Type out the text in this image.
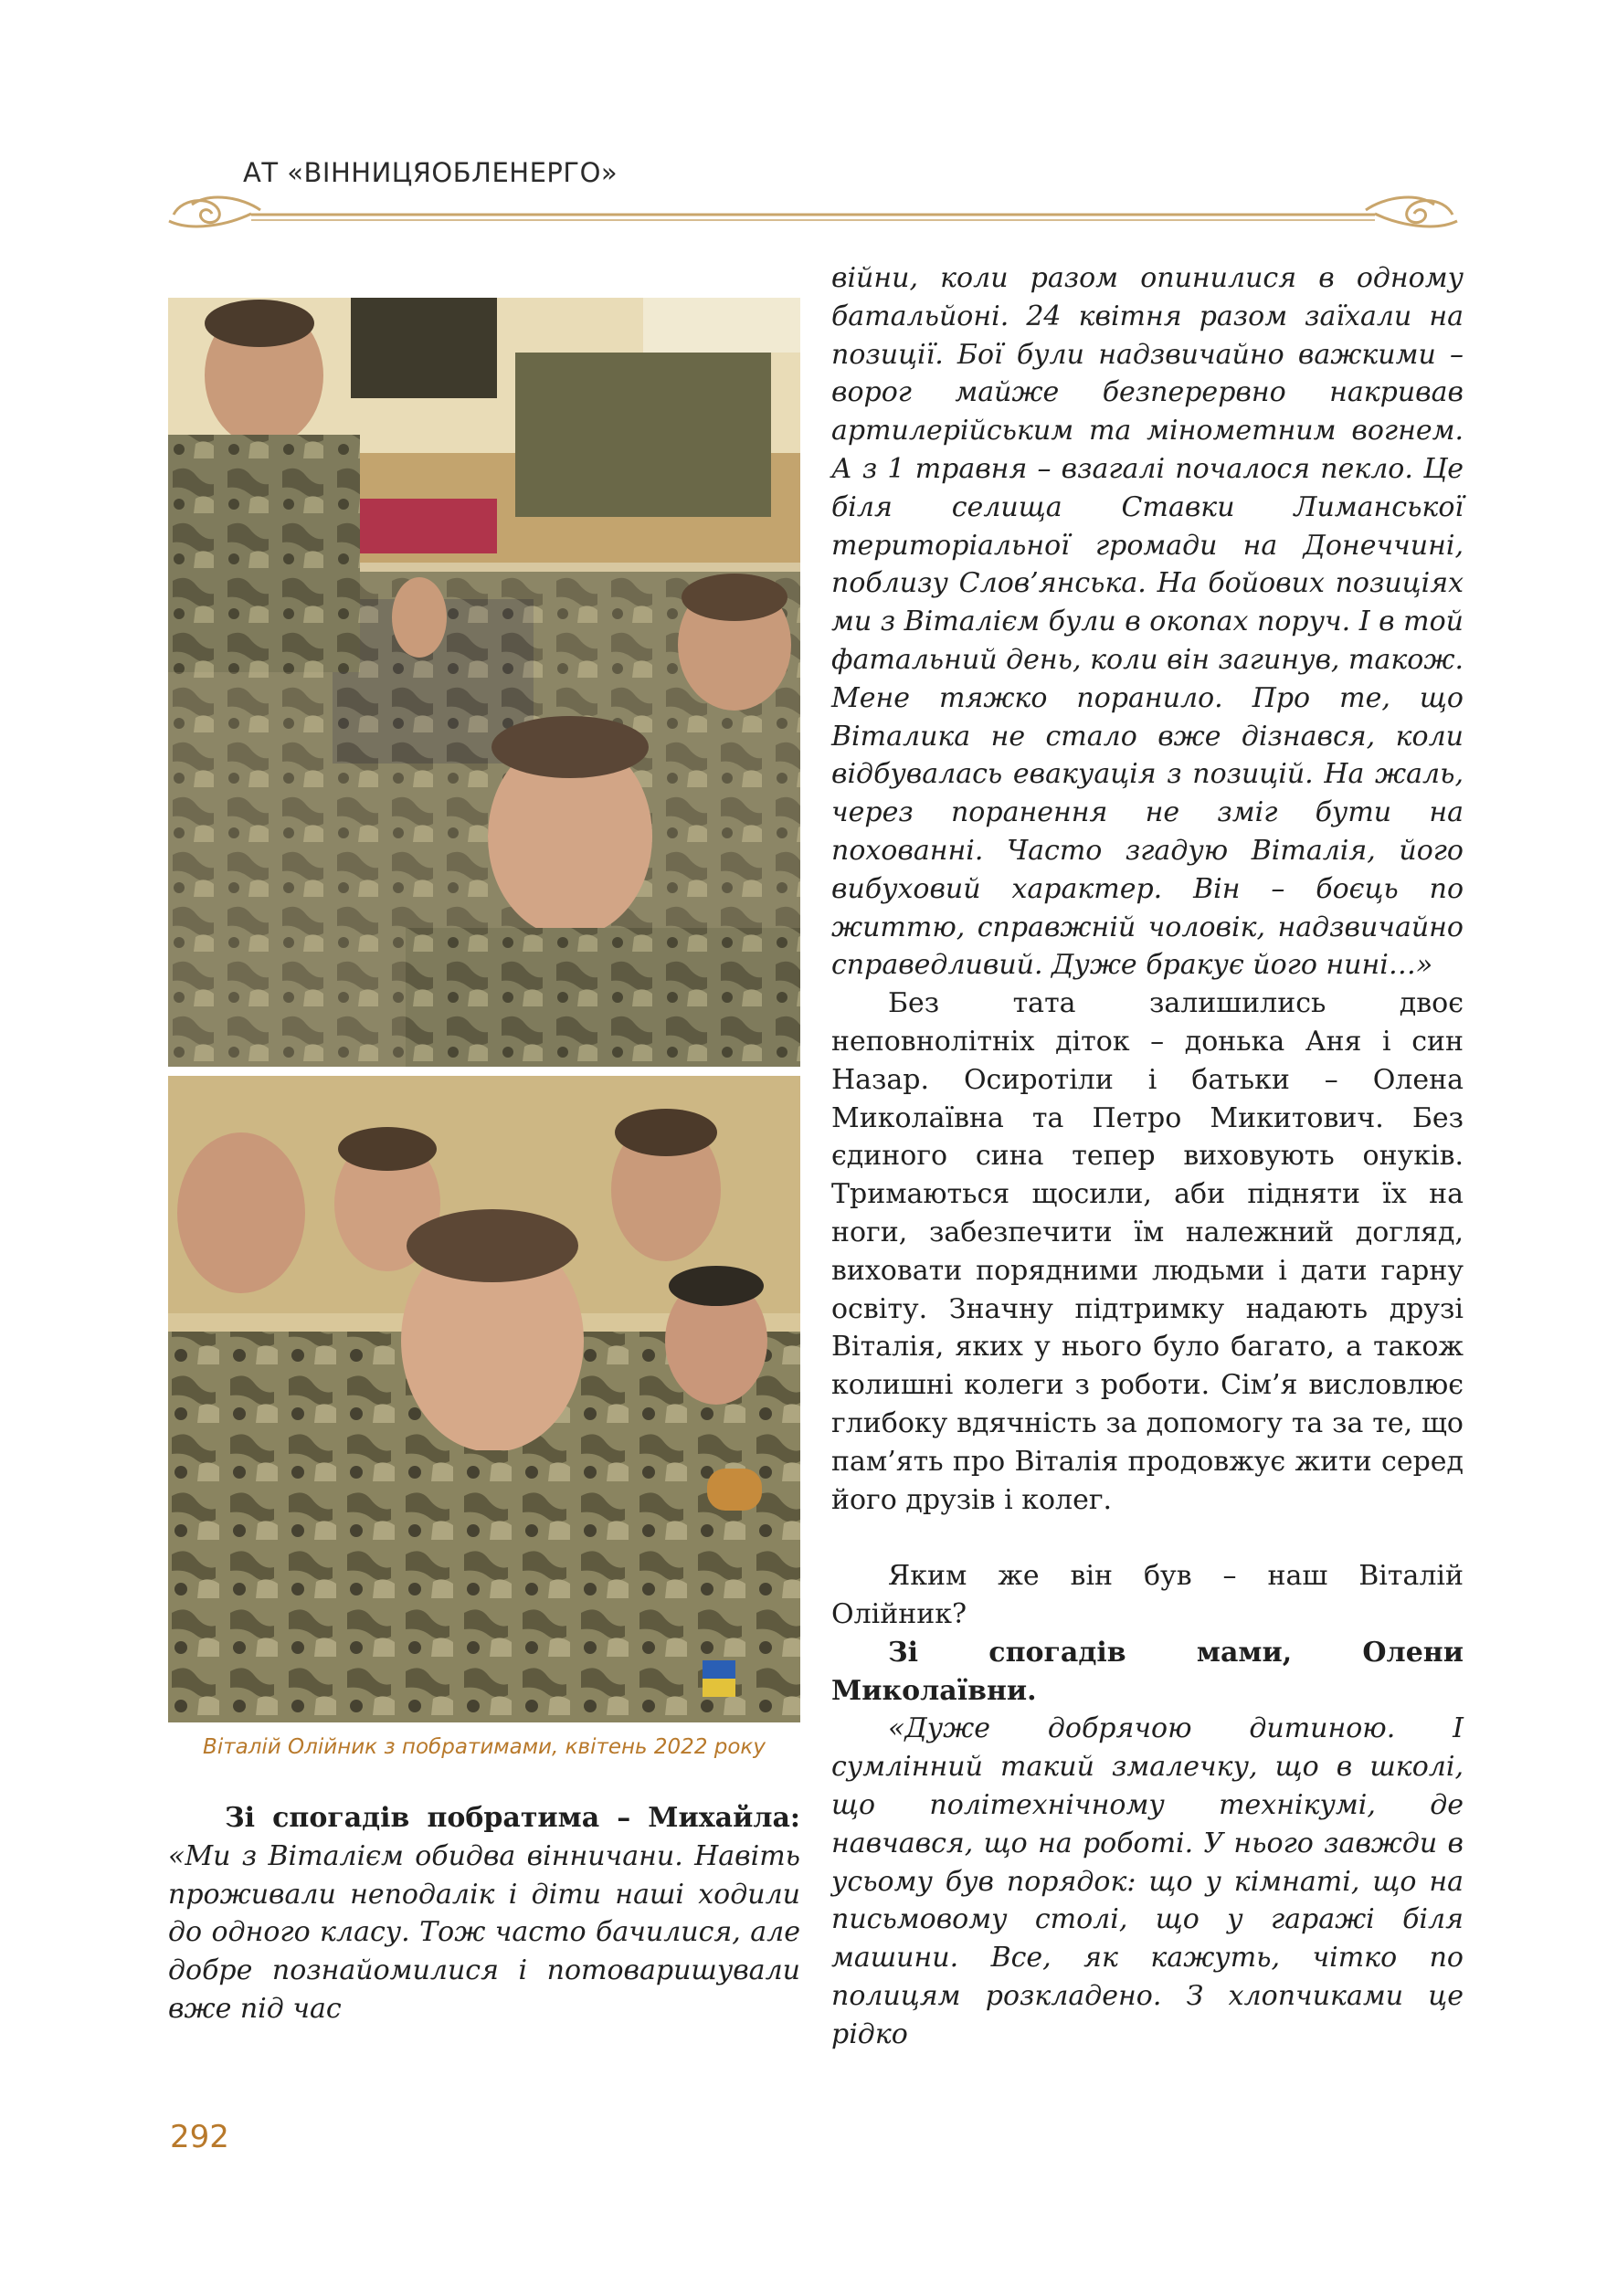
АТ «ВІННИЦЯОБЛЕНЕРГО»
Віталій Олійник з побратимами, квітень 2022 року

Зі спогадів побратима – Михайла: «Ми з Віталієм обидва вінничани. Навіть проживали неподалік і діти наші ходили до одного класу. Тож часто бачилися, але добре познайомилися і потоваришували вже під час

війни, коли разом опинилися в одному батальйоні. 24 квітня разом заїхали на позиції. Бої були надзвичайно важкими – ворог майже безперервно накривав артилерійським та мінометним вогнем. А з 1 травня – взагалі почалося пекло. Це біля селища Ставки Лиманської територіальної громади на Донеччині, поблизу Слов’янська. На бойових позиціях ми з Віталієм були в окопах поруч. І в той фатальний день, коли він загинув, також. Мене тяжко поранило. Про те, що Віталика не стало вже дізнався, коли відбувалась евакуація з позицій. На жаль, через поранення не зміг бути на похованні. Часто згадую Віталія, його вибуховий характер. Він – боєць по життю, справжній чоловік, надзвичайно справедливий. Дуже бракує його нині…»

Без тата залишились двоє неповнолітніх діток – донька Аня і син Назар. Осиротіли і батьки – Олена Миколаївна та Петро Микитович. Без єдиного сина тепер виховують онуків. Тримаються щосили, аби підняти їх на ноги, забезпечити їм належний догляд, виховати порядними людьми і дати гарну освіту. Значну підтримку надають друзі Віталія, яких у нього було багато, а також колишні колеги з роботи. Сім’я висловлює глибоку вдячність за допомогу та за те, що пам’ять про Віталія продовжує жити серед його друзів і колег.

Яким же він був – наш Віталій Олійник?

Зі спогадів мами, Олени Миколаївни.

«Дуже добрячою дитиною. І сумлінний такий змалечку, що в школі, що політехнічному технікумі, де навчався, що на роботі. У нього завжди в усьому був порядок: що у кімнаті, що на письмовому столі, що у гаражі біля машини. Все, як кажуть, чітко по полицям розкладено. З хлопчиками це рідко

292
